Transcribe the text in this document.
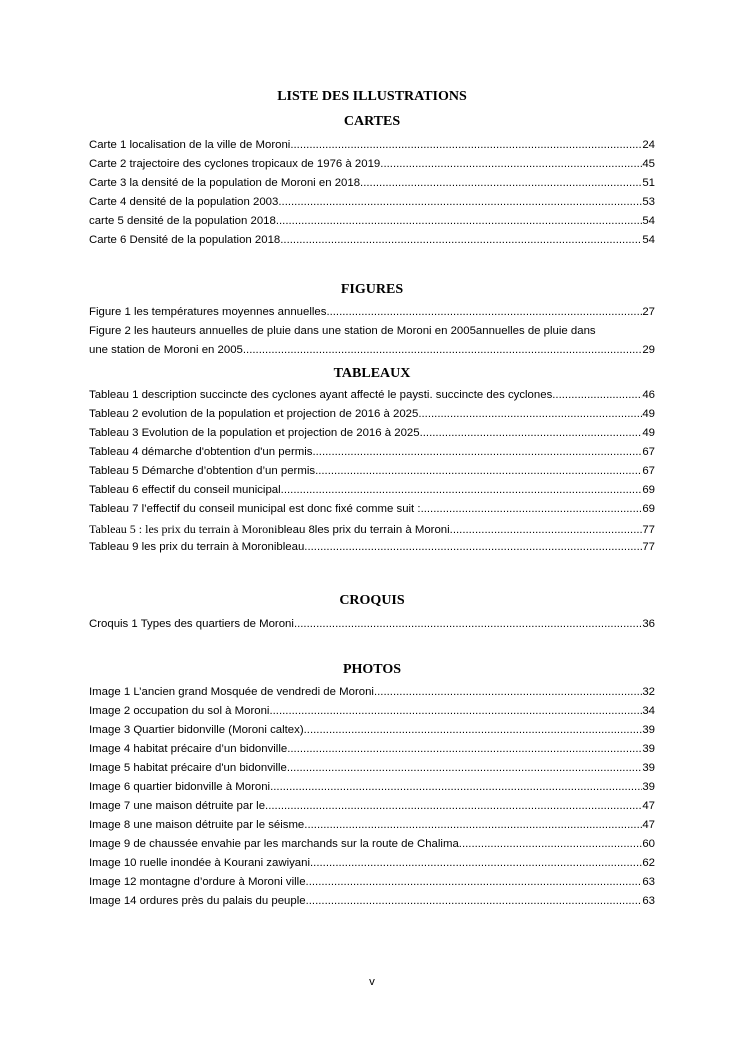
LISTE DES ILLUSTRATIONS
CARTES
Carte 1 localisation de la ville de Moroni .....	24
Carte 2 trajectoire des cyclones tropicaux de 1976 à 2019 .....	45
Carte 3 la densité de la population de Moroni en 2018 .....	51
Carte 4 densité de la population 2003 .....	53
carte 5 densité de la population 2018 .....	54
Carte 6 Densité de la population 2018 .....	54
FIGURES
Figure 1 les températures moyennes annuelles .....	27
Figure 2 les hauteurs annuelles de pluie dans une station de Moroni en 2005annuelles de pluie dans
une station de Moroni en 2005 .....	29
TABLEAUX
Tableau 1 description succincte des cyclones ayant affecté le paysti. succincte des cyclones .....	46
Tableau 2 evolution de la population et projection de 2016 à 2025 .....	49
Tableau 3 Evolution de la population et projection de 2016 à 2025 .....	49
Tableau 4 démarche d'obtention d'un permis .....	67
Tableau 5 Démarche d’obtention d’un permis .....	67
Tableau 6 effectif du conseil municipal .....	69
Tableau 7 l’effectif du conseil municipal est donc fixé comme suit : .....	69
Tableau 5 : les prix du terrain à Moroni bleau 8les prix du terrain à Moroni .....	77
Tableau 9 les prix du terrain à Moronibleau .....	77
CROQUIS
Croquis 1 Types des quartiers de Moroni .....	36
PHOTOS
Image 1 L’ancien grand Mosquée de vendredi de Moroni .....	32
Image 2 occupation du sol à Moroni .....	34
Image 3 Quartier bidonville (Moroni caltex) .....	39
Image 4 habitat précaire d’un bidonville .....	39
Image 5 habitat précaire d'un bidonville .....	39
Image 6 quartier bidonville à Moroni .....	39
Image 7 une maison détruite par le .....	47
Image 8 une maison détruite par le séisme .....	47
Image 9 de chaussée envahie par les marchands sur la route de Chalima .....	60
Image 10 ruelle inondée à Kourani zawiyani .....	62
Image 12 montagne d’ordure à Moroni ville .....	63
Image 14 ordures près du palais du peuple .....	63
v
